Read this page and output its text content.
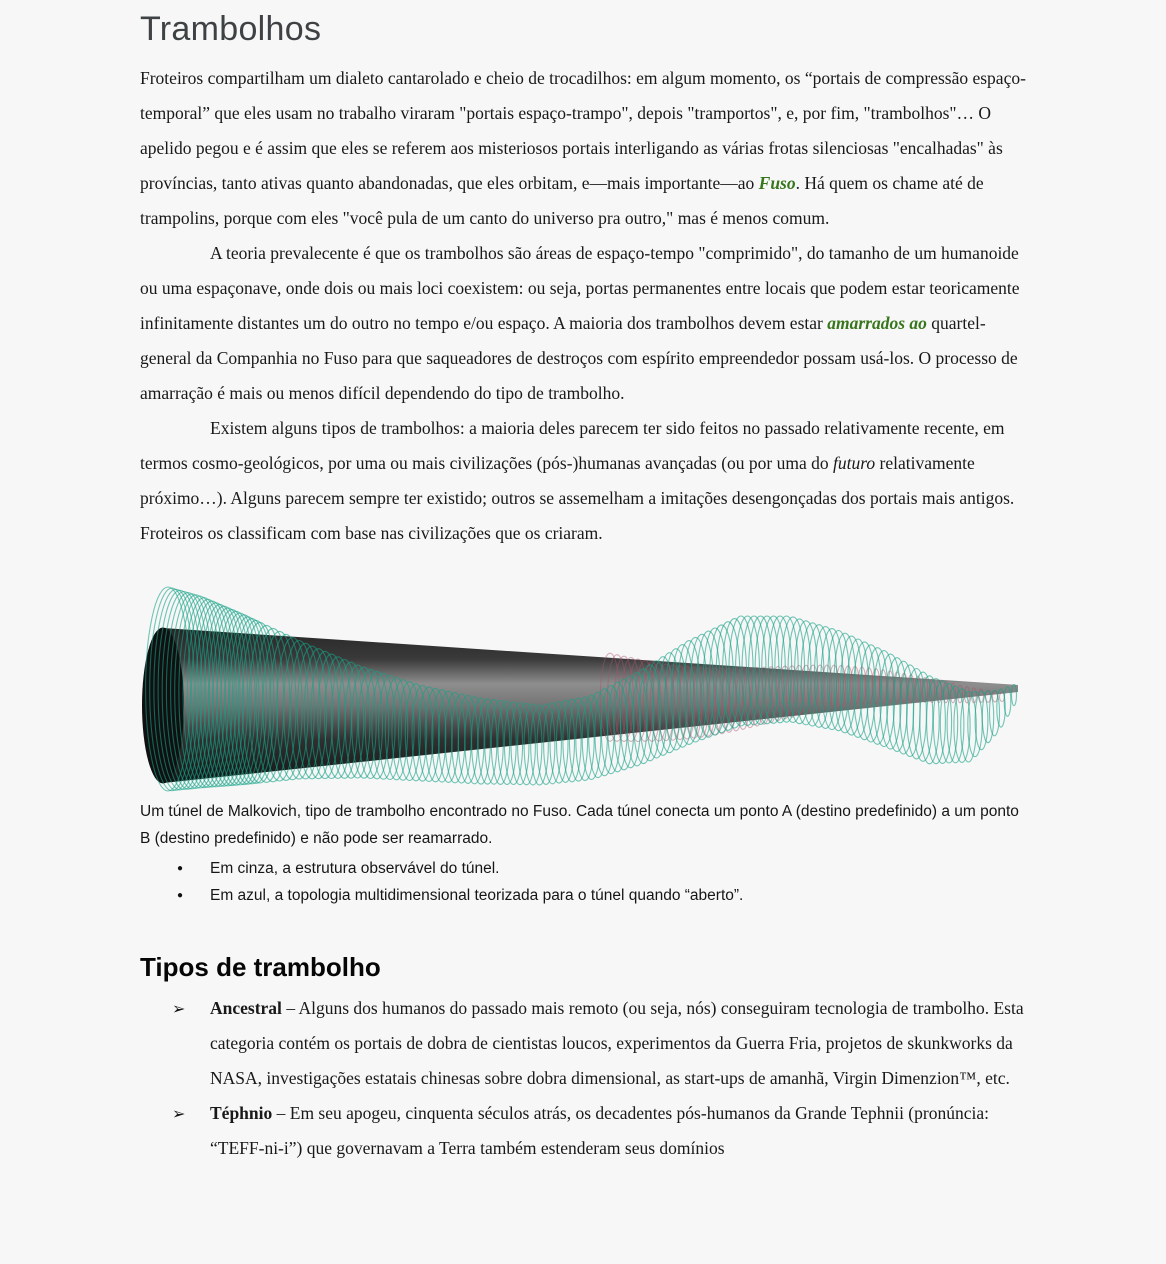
Trambolhos

Froteiros compartilham um dialeto cantarolado e cheio de trocadilhos: em algum momento, os “portais de compressão espaço-temporal” que eles usam no trabalho viraram "portais espaço-trampo", depois "tramportos", e, por fim, "trambolhos"… O apelido pegou e é assim que eles se referem aos misteriosos portais interligando as várias frotas silenciosas "encalhadas" às províncias, tanto ativas quanto abandonadas, que eles orbitam, e—mais importante—ao Fuso. Há quem os chame até de trampolins, porque com eles "você pula de um canto do universo pra outro," mas é menos comum.

A teoria prevalecente é que os trambolhos são áreas de espaço-tempo "comprimido", do tamanho de um humanoide ou uma espaçonave, onde dois ou mais loci coexistem: ou seja, portas permanentes entre locais que podem estar teoricamente infinitamente distantes um do outro no tempo e/ou espaço. A maioria dos trambolhos devem estar amarrados ao quartel-general da Companhia no Fuso para que saqueadores de destroços com espírito empreendedor possam usá-los. O processo de amarração é mais ou menos difícil dependendo do tipo de trambolho.

Existem alguns tipos de trambolhos: a maioria deles parecem ter sido feitos no passado relativamente recente, em termos cosmo-geológicos, por uma ou mais civilizações (pós-)humanas avançadas (ou por uma do futuro relativamente próximo…). Alguns parecem sempre ter existido; outros se assemelham a imitações desengonçadas dos portais mais antigos. Froteiros os classificam com base nas civilizações que os criaram.

Um túnel de Malkovich, tipo de trambolho encontrado no Fuso. Cada túnel conecta um ponto A (destino predefinido) a um ponto B (destino predefinido) e não pode ser reamarrado.

● Em cinza, a estrutura observável do túnel.
● Em azul, a topologia multidimensional teorizada para o túnel quando “aberto”.
Tipos de trambolho
➢ Ancestral – Alguns dos humanos do passado mais remoto (ou seja, nós) conseguiram tecnologia de trambolho. Esta categoria contém os portais de dobra de cientistas loucos, experimentos da Guerra Fria, projetos de skunkworks da NASA, investigações estatais chinesas sobre dobra dimensional, as start-ups de amanhã, Virgin Dimenzion™, etc.
➢ Téphnio – Em seu apogeu, cinquenta séculos atrás, os decadentes pós-humanos da Grande Tephnii (pronúncia: “TEFF-ni-i”) que governavam a Terra também estenderam seus domínios
